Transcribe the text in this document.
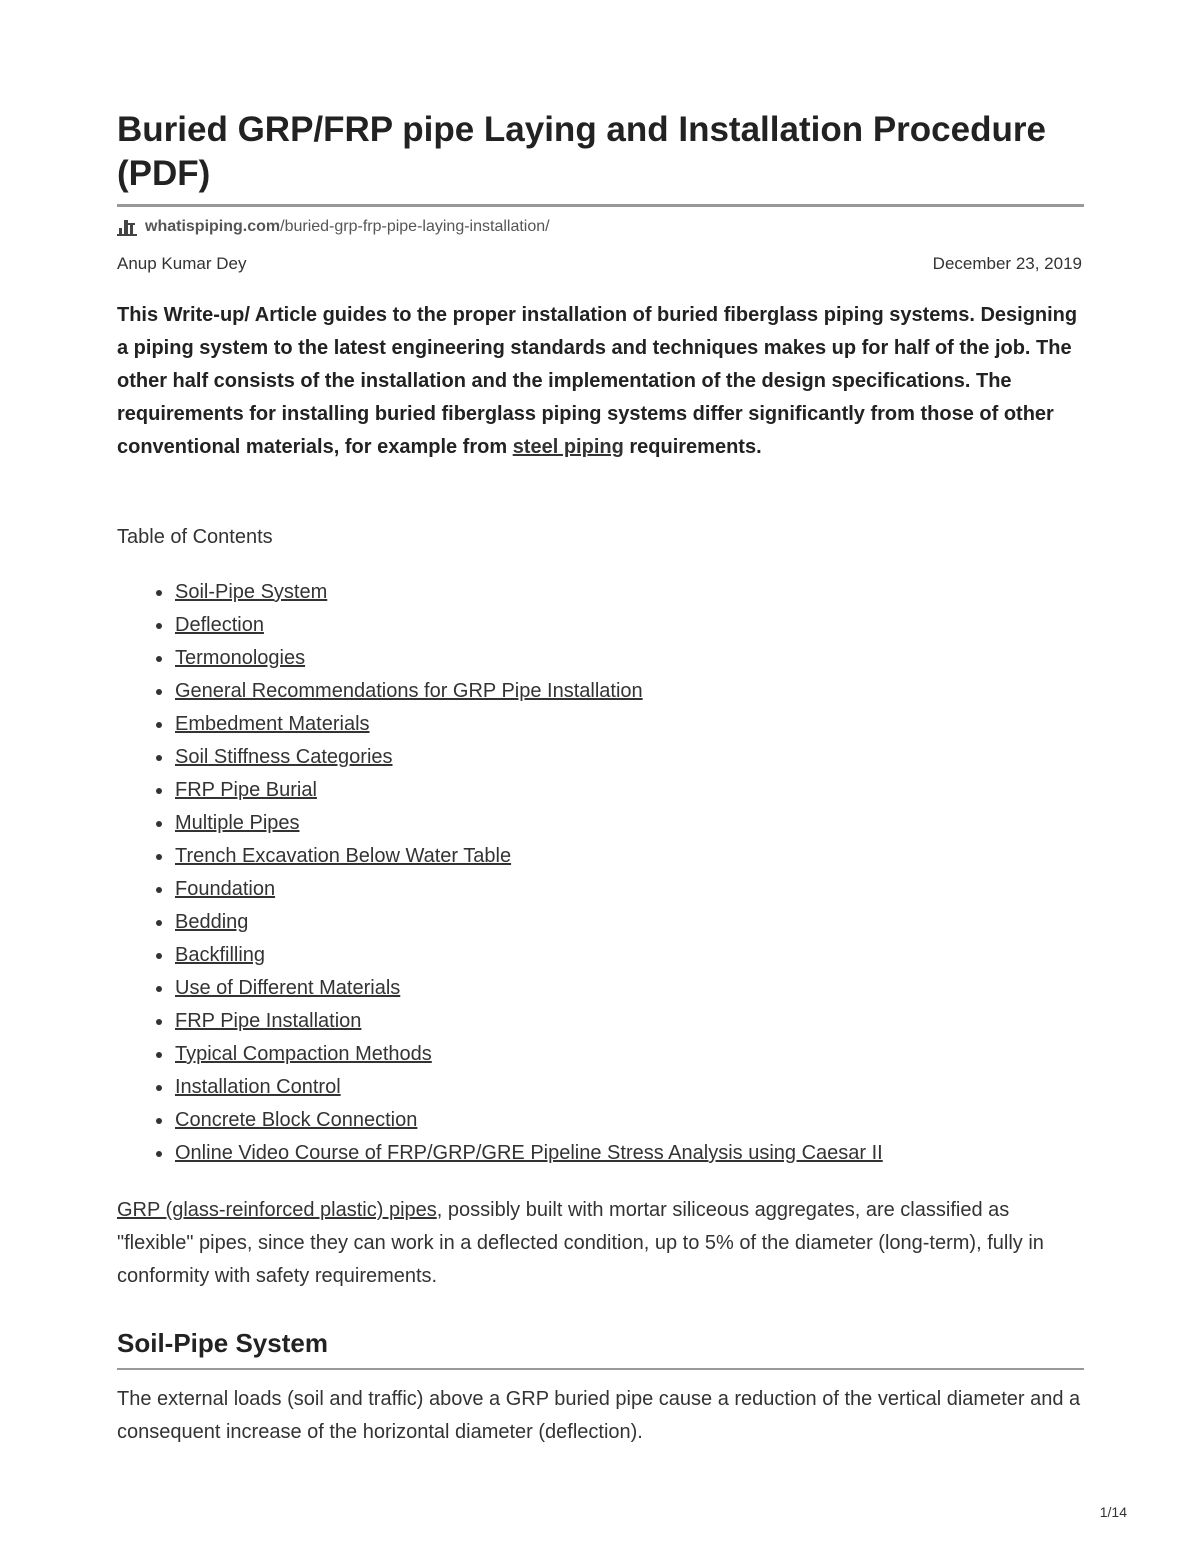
Buried GRP/FRP pipe Laying and Installation Procedure (PDF)
whatispiping.com/buried-grp-frp-pipe-laying-installation/
Anup Kumar Dey	December 23, 2019

This Write-up/ Article guides to the proper installation of buried fiberglass piping systems. Designing a piping system to the latest engineering standards and techniques makes up for half of the job. The other half consists of the installation and the implementation of the design specifications. The requirements for installing buried fiberglass piping systems differ significantly from those of other conventional materials, for example from steel piping requirements.

Table of Contents
• Soil-Pipe System
• Deflection
• Termonologies
• General Recommendations for GRP Pipe Installation
• Embedment Materials
• Soil Stiffness Categories
• FRP Pipe Burial
• Multiple Pipes
• Trench Excavation Below Water Table
• Foundation
• Bedding
• Backfilling
• Use of Different Materials
• FRP Pipe Installation
• Typical Compaction Methods
• Installation Control
• Concrete Block Connection
• Online Video Course of FRP/GRP/GRE Pipeline Stress Analysis using Caesar II

GRP (glass-reinforced plastic) pipes, possibly built with mortar siliceous aggregates, are classified as "flexible" pipes, since they can work in a deflected condition, up to 5% of the diameter (long-term), fully in conformity with safety requirements.

Soil-Pipe System

The external loads (soil and traffic) above a GRP buried pipe cause a reduction of the vertical diameter and a consequent increase of the horizontal diameter (deflection).

1/14
